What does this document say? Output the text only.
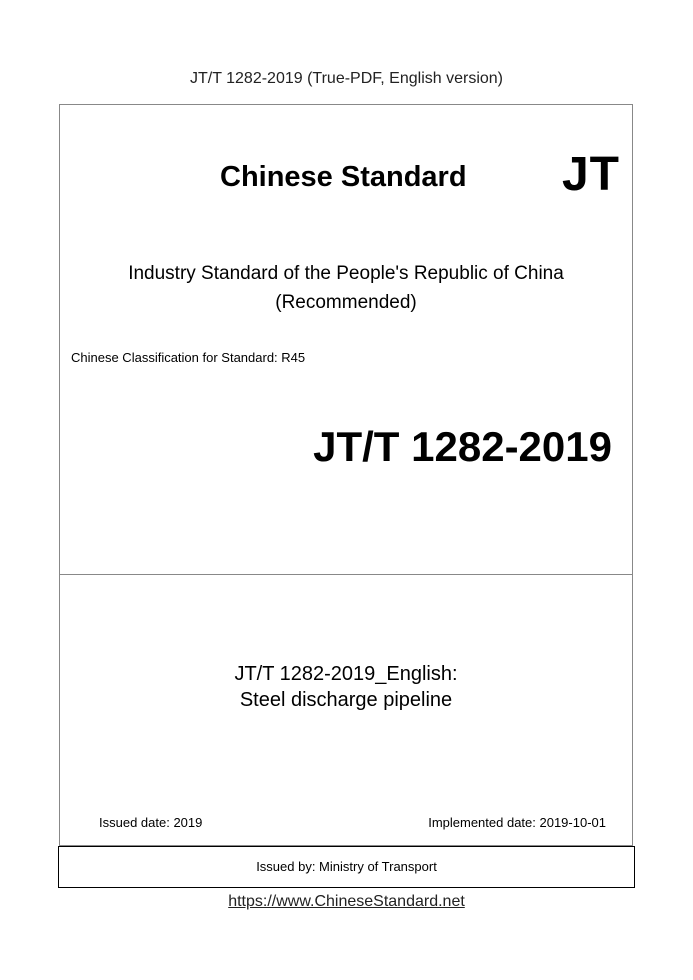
JT/T 1282-2019 (True-PDF, English version)
Chinese Standard JT
Industry Standard of the People's Republic of China
(Recommended)
Chinese Classification for Standard: R45
JT/T 1282-2019
JT/T 1282-2019_English:
Steel discharge pipeline
Issued date: 2019	Implemented date: 2019-10-01
Issued by: Ministry of Transport
https://www.ChineseStandard.net
